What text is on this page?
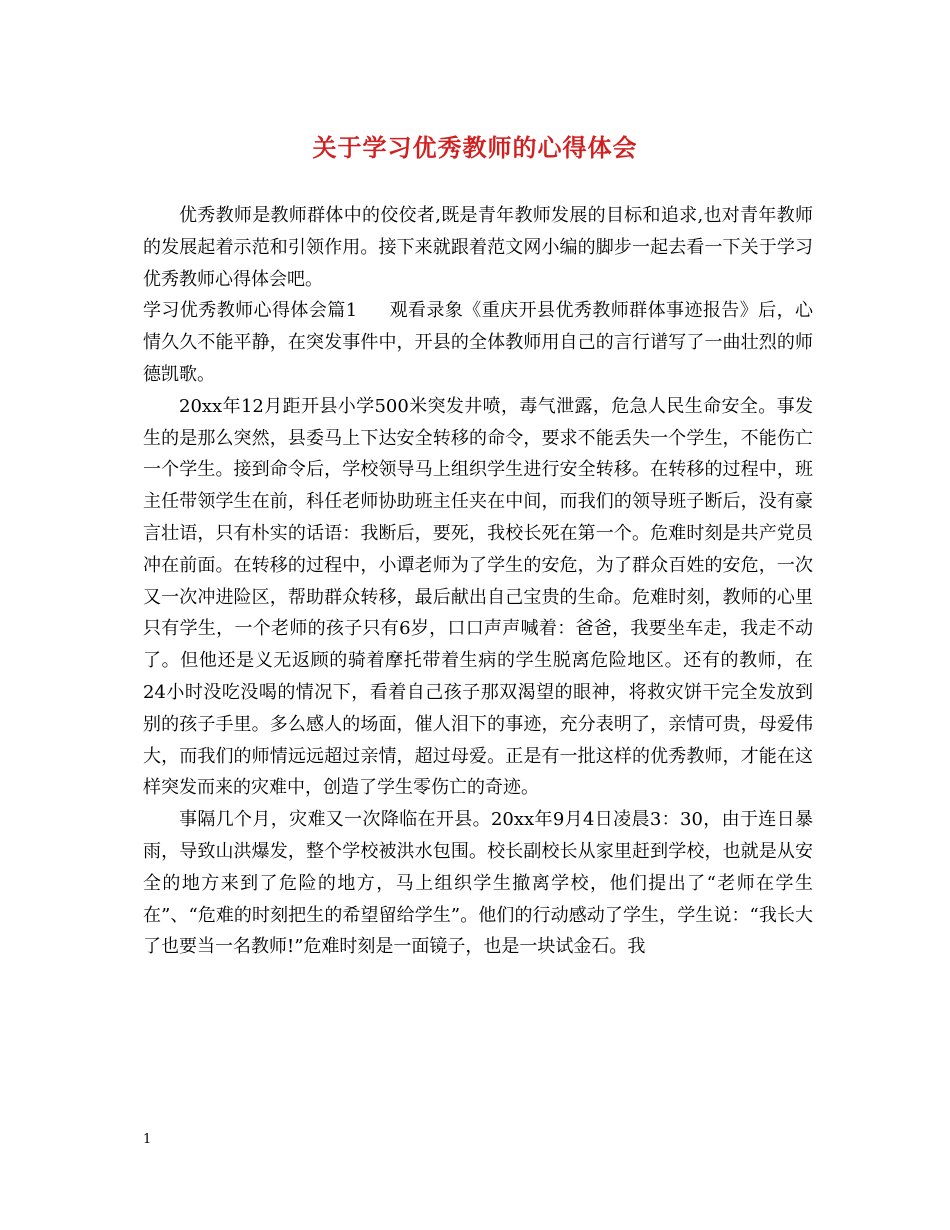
关于学习优秀教师的心得体会

优秀教师是教师群体中的佼佼者,既是青年教师发展的目标和追求,也对青年教师的发展起着示范和引领作用。接下来就跟着范文网小编的脚步一起去看一下关于学习优秀教师心得体会吧。

学习优秀教师心得体会篇1 观看录象《重庆开县优秀教师群体事迹报告》后，心情久久不能平静，在突发事件中，开县的全体教师用自己的言行谱写了一曲壮烈的师德凯歌。

20xx年12月距开县小学500米突发井喷，毒气泄露，危急人民生命安全。事发生的是那么突然，县委马上下达安全转移的命令，要求不能丢失一个学生，不能伤亡一个学生。接到命令后，学校领导马上组织学生进行安全转移。在转移的过程中，班主任带领学生在前，科任老师协助班主任夹在中间，而我们的领导班子断后，没有豪言壮语，只有朴实的话语：我断后，要死，我校长死在第一个。危难时刻是共产党员冲在前面。在转移的过程中，小谭老师为了学生的安危，为了群众百姓的安危，一次又一次冲进险区，帮助群众转移，最后献出自己宝贵的生命。危难时刻，教师的心里只有学生，一个老师的孩子只有6岁，口口声声喊着：爸爸，我要坐车走，我走不动了。但他还是义无返顾的骑着摩托带着生病的学生脱离危险地区。还有的教师，在24小时没吃没喝的情况下，看着自己孩子那双渴望的眼神，将救灾饼干完全发放到别的孩子手里。多么感人的场面，催人泪下的事迹，充分表明了，亲情可贵，母爱伟大，而我们的师情远远超过亲情，超过母爱。正是有一批这样的优秀教师，才能在这样突发而来的灾难中，创造了学生零伤亡的奇迹。

事隔几个月，灾难又一次降临在开县。20xx年9月4日凌晨3：30，由于连日暴雨，导致山洪爆发，整个学校被洪水包围。校长副校长从家里赶到学校，也就是从安全的地方来到了危险的地方，马上组织学生撤离学校，他们提出了“老师在学生在”、“危难的时刻把生的希望留给学生”。他们的行动感动了学生，学生说：“我长大了也要当一名教师!”危难时刻是一面镜子，也是一块试金石。我

1
